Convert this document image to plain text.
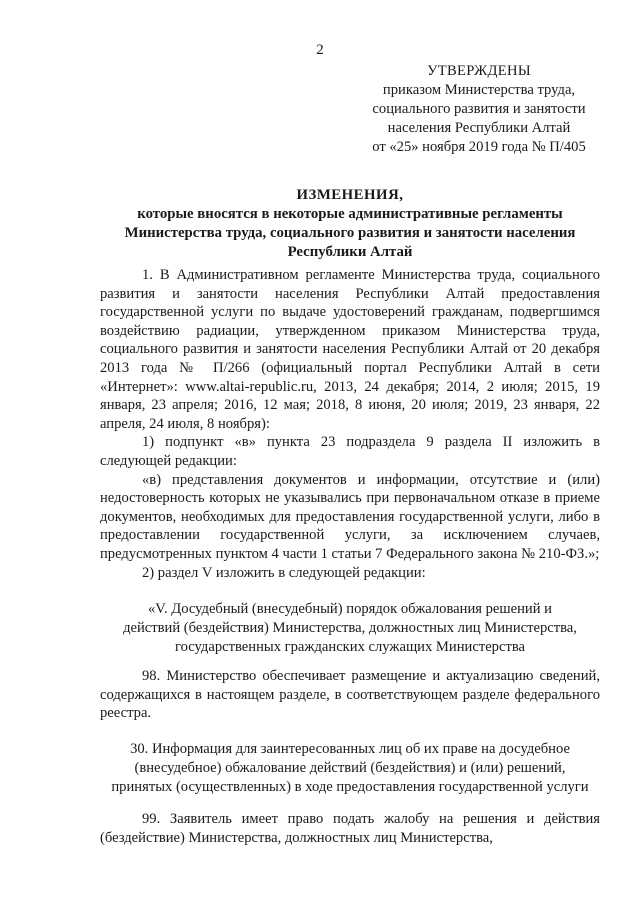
2
УТВЕРЖДЕНЫ
приказом Министерства труда,
социального развития и занятости
населения Республики Алтай
от «25» ноября 2019 года № П/405
ИЗМЕНЕНИЯ,
которые вносятся в некоторые административные регламенты
Министерства труда, социального развития и занятости населения
Республики Алтай

1. В Административном регламенте Министерства труда, социального развития и занятости населения Республики Алтай предоставления государственной услуги по выдаче удостоверений гражданам, подвергшимся воздействию радиации, утвержденном приказом Министерства труда, социального развития и занятости населения Республики Алтай от 20 декабря 2013 года № П/266 (официальный портал Республики Алтай в сети «Интернет»: www.altai-republic.ru, 2013, 24 декабря; 2014, 2 июля; 2015, 19 января, 23 апреля; 2016, 12 мая; 2018, 8 июня, 20 июля; 2019, 23 января, 22 апреля, 24 июля, 8 ноября):

1) подпункт «в» пункта 23 подраздела 9 раздела II изложить в следующей редакции:

«в) представления документов и информации, отсутствие и (или) недостоверность которых не указывались при первоначальном отказе в приеме документов, необходимых для предоставления государственной услуги, либо в предоставлении государственной услуги, за исключением случаев, предусмотренных пунктом 4 части 1 статьи 7 Федерального закона № 210-ФЗ.»;

2) раздел V изложить в следующей редакции:

«V. Досудебный (внесудебный) порядок обжалования решений и

действий (бездействия) Министерства, должностных лиц Министерства,

государственных гражданских служащих Министерства

98. Министерство обеспечивает размещение и актуализацию сведений, содержащихся в настоящем разделе, в соответствующем разделе федерального реестра.

30. Информация для заинтересованных лиц об их праве на досудебное

(внесудебное) обжалование действий (бездействия) и (или) решений,

принятых (осуществленных) в ходе предоставления государственной услуги

99. Заявитель имеет право подать жалобу на решения и действия (бездействие) Министерства, должностных лиц Министерства,
